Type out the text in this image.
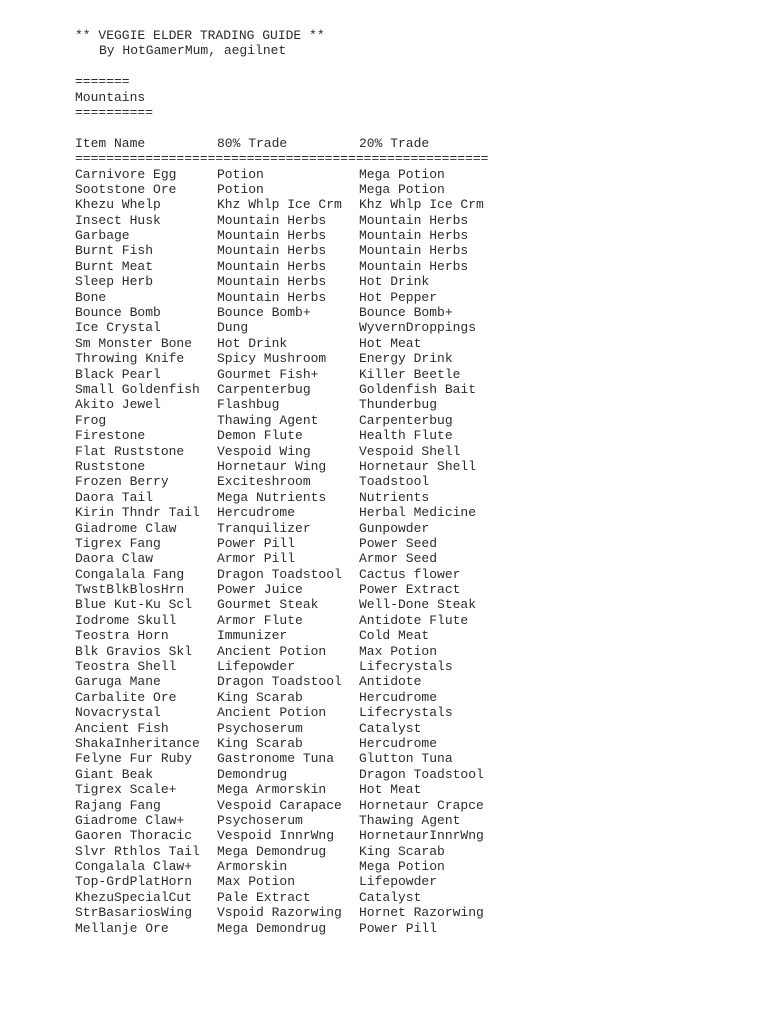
** VEGGIE ELDER TRADING GUIDE **
By HotGamerMum, aegilnet
=======
Mountains
==========
Item Name	80% Trade	20% Trade
=====================================================
Carnivore Egg	Potion	Mega Potion
Sootstone Ore	Potion	Mega Potion
Khezu Whelp	Khz Whlp Ice Crm	Khz Whlp Ice Crm
Insect Husk	Mountain Herbs	Mountain Herbs
Garbage	Mountain Herbs	Mountain Herbs
Burnt Fish	Mountain Herbs	Mountain Herbs
Burnt Meat	Mountain Herbs	Mountain Herbs
Sleep Herb	Mountain Herbs	Hot Drink
Bone	Mountain Herbs	Hot Pepper
Bounce Bomb	Bounce Bomb+	Bounce Bomb+
Ice Crystal	Dung	WyvernDroppings
Sm Monster Bone	Hot Drink	Hot Meat
Throwing Knife	Spicy Mushroom	Energy Drink
Black Pearl	Gourmet Fish+	Killer Beetle
Small Goldenfish	Carpenterbug	Goldenfish Bait
Akito Jewel	Flashbug	Thunderbug
Frog	Thawing Agent	Carpenterbug
Firestone	Demon Flute	Health Flute
Flat Ruststone	Vespoid Wing	Vespoid Shell
Ruststone	Hornetaur Wing	Hornetaur Shell
Frozen Berry	Exciteshroom	Toadstool
Daora Tail	Mega Nutrients	Nutrients
Kirin Thndr Tail	Hercudrome	Herbal Medicine
Giadrome Claw	Tranquilizer	Gunpowder
Tigrex Fang	Power Pill	Power Seed
Daora Claw	Armor Pill	Armor Seed
Congalala Fang	Dragon Toadstool	Cactus flower
TwstBlkBlosHrn	Power Juice	Power Extract
Blue Kut-Ku Scl	Gourmet Steak	Well-Done Steak
Iodrome Skull	Armor Flute	Antidote Flute
Teostra Horn	Immunizer	Cold Meat
Blk Gravios Skl	Ancient Potion	Max Potion
Teostra Shell	Lifepowder	Lifecrystals
Garuga Mane	Dragon Toadstool	Antidote
Carbalite Ore	King Scarab	Hercudrome
Novacrystal	Ancient Potion	Lifecrystals
Ancient Fish	Psychoserum	Catalyst
ShakaInheritance	King Scarab	Hercudrome
Felyne Fur Ruby	Gastronome Tuna	Glutton Tuna
Giant Beak	Demondrug	Dragon Toadstool
Tigrex Scale+	Mega Armorskin	Hot Meat
Rajang Fang	Vespoid Carapace	Hornetaur Crapce
Giadrome Claw+	Psychoserum	Thawing Agent
Gaoren Thoracic	Vespoid InnrWng	HornetaurInnrWng
Slvr Rthlos Tail	Mega Demondrug	King Scarab
Congalala Claw+	Armorskin	Mega Potion
Top-GrdPlatHorn	Max Potion	Lifepowder
KhezuSpecialCut	Pale Extract	Catalyst
StrBasariosWing	Vspoid Razorwing	Hornet Razorwing
Mellanje Ore	Mega Demondrug	Power Pill
